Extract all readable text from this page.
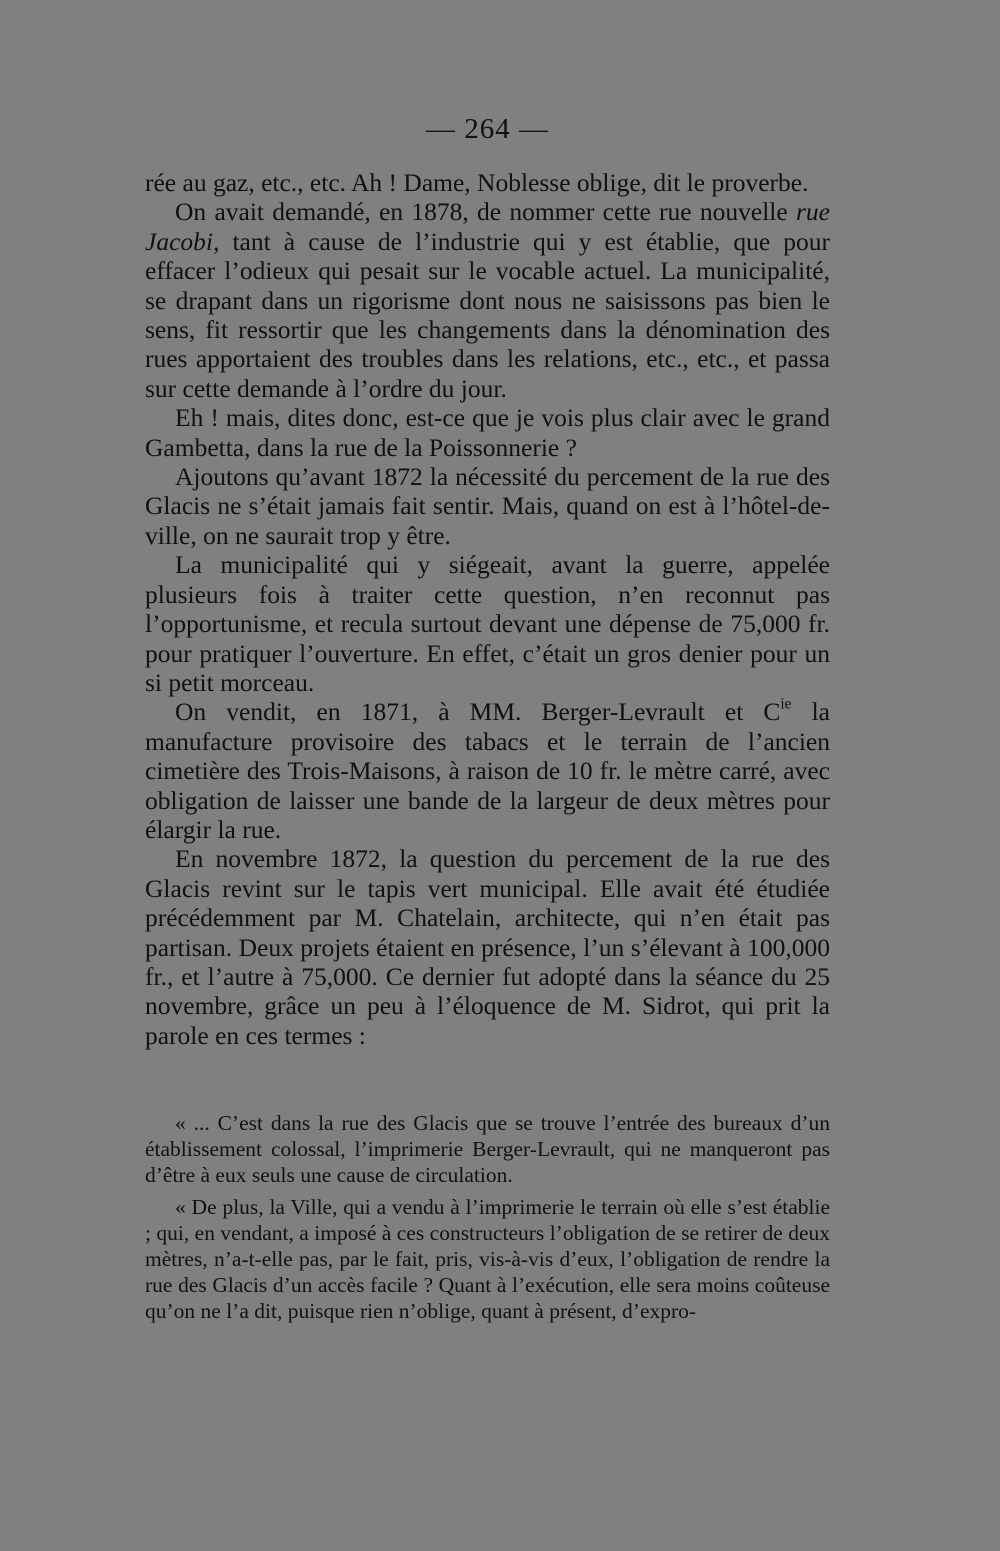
— 264 —

rée au gaz, etc., etc. Ah ! Dame, Noblesse oblige, dit le proverbe.

On avait demandé, en 1878, de nommer cette rue nouvelle rue Jacobi, tant à cause de l’industrie qui y est établie, que pour effacer l’odieux qui pesait sur le vocable actuel. La municipalité, se drapant dans un rigorisme dont nous ne saisissons pas bien le sens, fit ressortir que les changements dans la dénomination des rues apportaient des troubles dans les relations, etc., etc., et passa sur cette demande à l’ordre du jour.

Eh ! mais, dites donc, est-ce que je vois plus clair avec le grand Gambetta, dans la rue de la Poissonnerie ?

Ajoutons qu’avant 1872 la nécessité du percement de la rue des Glacis ne s’était jamais fait sentir. Mais, quand on est à l’hôtel-de-ville, on ne saurait trop y être.

La municipalité qui y siégeait, avant la guerre, appelée plusieurs fois à traiter cette question, n’en reconnut pas l’opportunisme, et recula surtout devant une dépense de 75,000 fr. pour pratiquer l’ouverture. En effet, c’était un gros denier pour un si petit morceau.

On vendit, en 1871, à MM. Berger-Levrault et $C^{ie}$ la manufacture provisoire des tabacs et le terrain de l’ancien cimetière des Trois-Maisons, à raison de 10 fr. le mètre carré, avec obligation de laisser une bande de la largeur de deux mètres pour élargir la rue.

En novembre 1872, la question du percement de la rue des Glacis revint sur le tapis vert municipal. Elle avait été étudiée précédemment par M. Chatelain, architecte, qui n’en était pas partisan. Deux projets étaient en présence, l’un s’élevant à 100,000 fr., et l’autre à 75,000. Ce dernier fut adopté dans la séance du 25 novembre, grâce un peu à l’éloquence de M. Sidrot, qui prit la parole en ces termes :

« ... C’est dans la rue des Glacis que se trouve l’entrée des bureaux d’un établissement colossal, l’imprimerie Berger-Levrault, qui ne manqueront pas d’être à eux seuls une cause de circulation.

« De plus, la Ville, qui a vendu à l’imprimerie le terrain où elle s’est établie ; qui, en vendant, a imposé à ces constructeurs l’obligation de se retirer de deux mètres, n’a-t-elle pas, par le fait, pris, vis-à-vis d’eux, l’obligation de rendre la rue des Glacis d’un accès facile ? Quant à l’exécution, elle sera moins coûteuse qu’on ne l’a dit, puisque rien n’oblige, quant à présent, d’expro-
